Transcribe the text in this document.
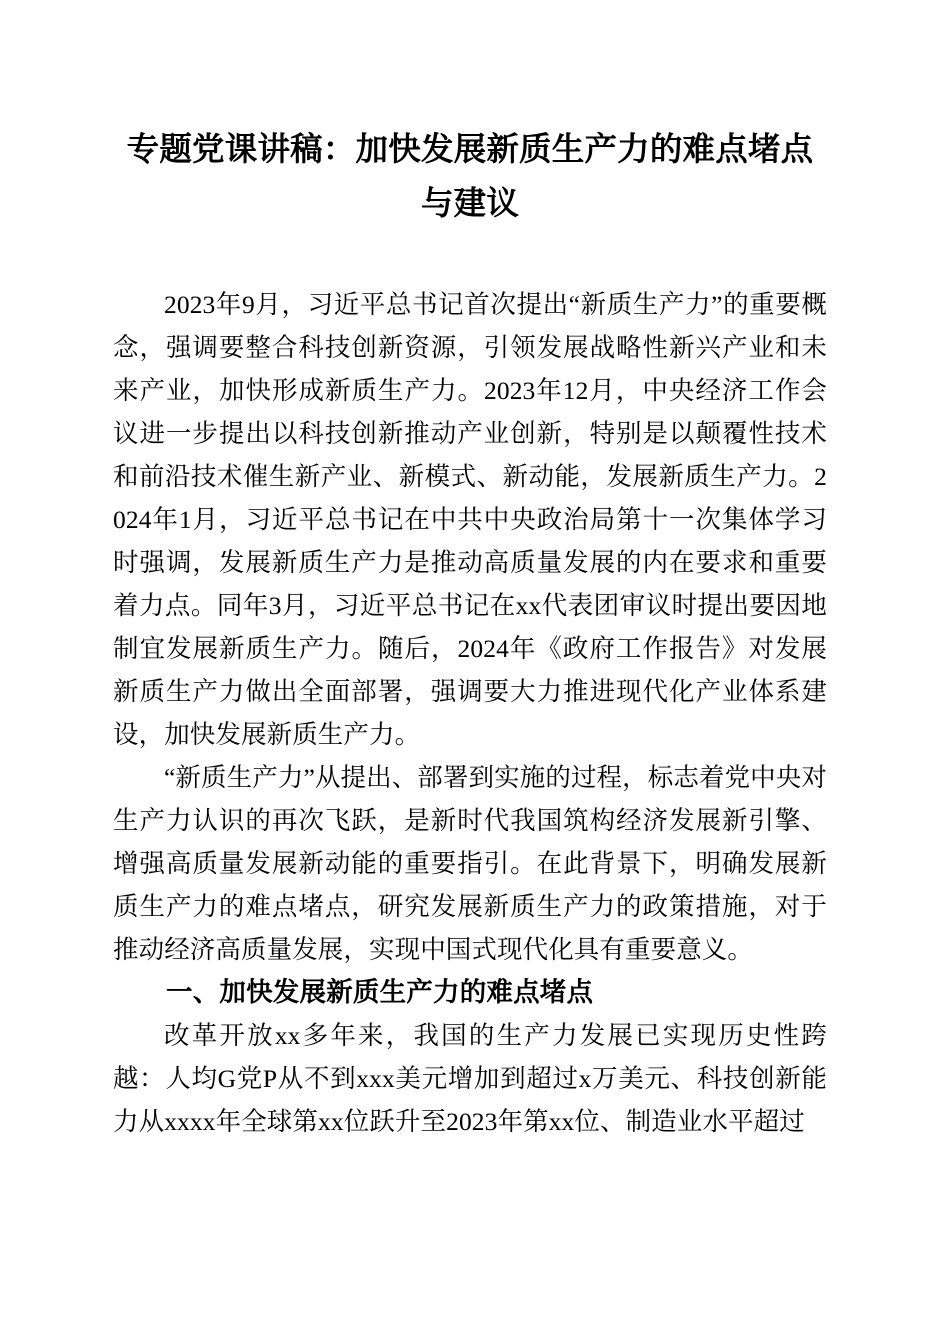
专题党课讲稿：加快发展新质生产力的难点堵点与建议

2023年9月，习近平总书记首次提出“新质生产力”的重要概念，强调要整合科技创新资源，引领发展战略性新兴产业和未来产业，加快形成新质生产力。2023年12月，中央经济工作会议进一步提出以科技创新推动产业创新，特别是以颠覆性技术和前沿技术催生新产业、新模式、新动能，发展新质生产力。2024年1月，习近平总书记在中共中央政治局第十一次集体学习时强调，发展新质生产力是推动高质量发展的内在要求和重要着力点。同年3月，习近平总书记在xx代表团审议时提出要因地制宜发展新质生产力。随后，2024年《政府工作报告》对发展新质生产力做出全面部署，强调要大力推进现代化产业体系建设，加快发展新质生产力。

“新质生产力”从提出、部署到实施的过程，标志着党中央对生产力认识的再次飞跃，是新时代我国筑构经济发展新引擎、增强高质量发展新动能的重要指引。在此背景下，明确发展新质生产力的难点堵点，研究发展新质生产力的政策措施，对于推动经济高质量发展，实现中国式现代化具有重要意义。

一、加快发展新质生产力的难点堵点

改革开放xx多年来，我国的生产力发展已实现历史性跨越：人均G党P从不到xxx美元增加到超过x万美元、科技创新能力从xxxx年全球第xx位跃升至2023年第xx位、制造业水平超过
